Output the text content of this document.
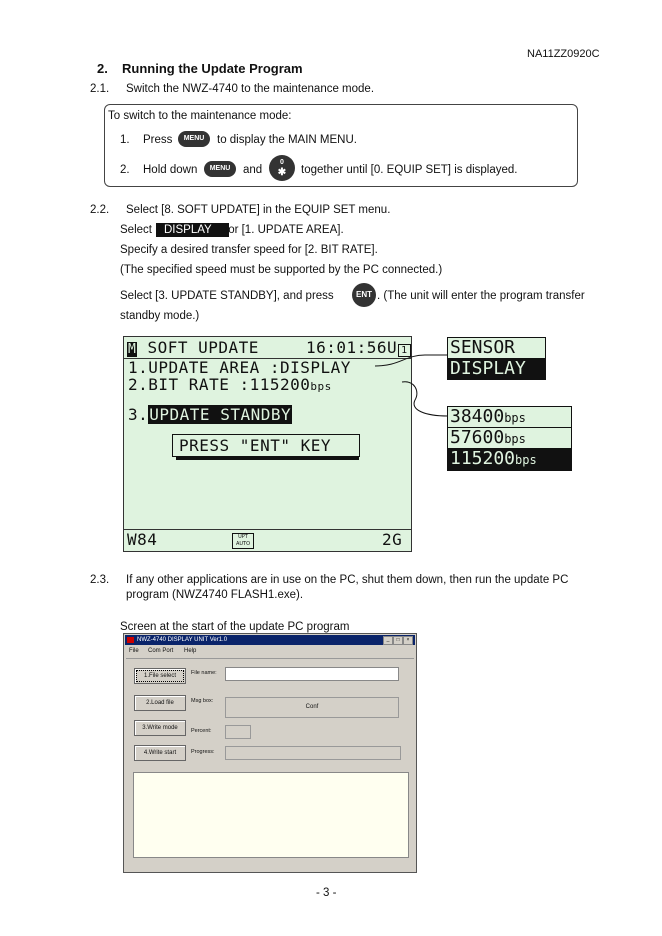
NA11ZZ0920C
2. Running the Update Program
2.1. Switch the NWZ-4740 to the maintenance mode.
To switch to the maintenance mode:
1. Press	MENU	to display the MAIN MENU.
2. Hold down	MENU	and
0
✱	together until [0. EQUIP SET] is displayed.
2.2. Select [8. SOFT UPDATE] in the EQUIP SET menu.
Select	DISPLAY	for [1. UPDATE AREA].
Specify a desired transfer speed for [2. BIT RATE].
(The specified speed must be supported by the PC connected.)
Select [3. UPDATE STANDBY], and press	ENT . (The unit will enter the program transfer
standby mode.)
M SOFT UPDATE	16:01:56 U 1
1.UPDATE AREA :DISPLAY
2.BIT RATE :115200bps
3.UPDATE STANDBY
PRESS "ENT" KEY
W84	UPT AUTO	2G
SENSOR
DISPLAY
38400bps
57600bps
115200bps
2.3. If any other applications are in use on the PC, shut them down, then run the update PC
program (NWZ4740 FLASH1.exe).
Screen at the start of the update PC program
NWZ-4740 DISPLAY UNIT Ver1.0	_	□	×
File Com Port Help
1.File select
2.Load file
3.Write mode
4.Write start
File name:
Msg box:
Conf
Percent:
Progress:
- 3 -
